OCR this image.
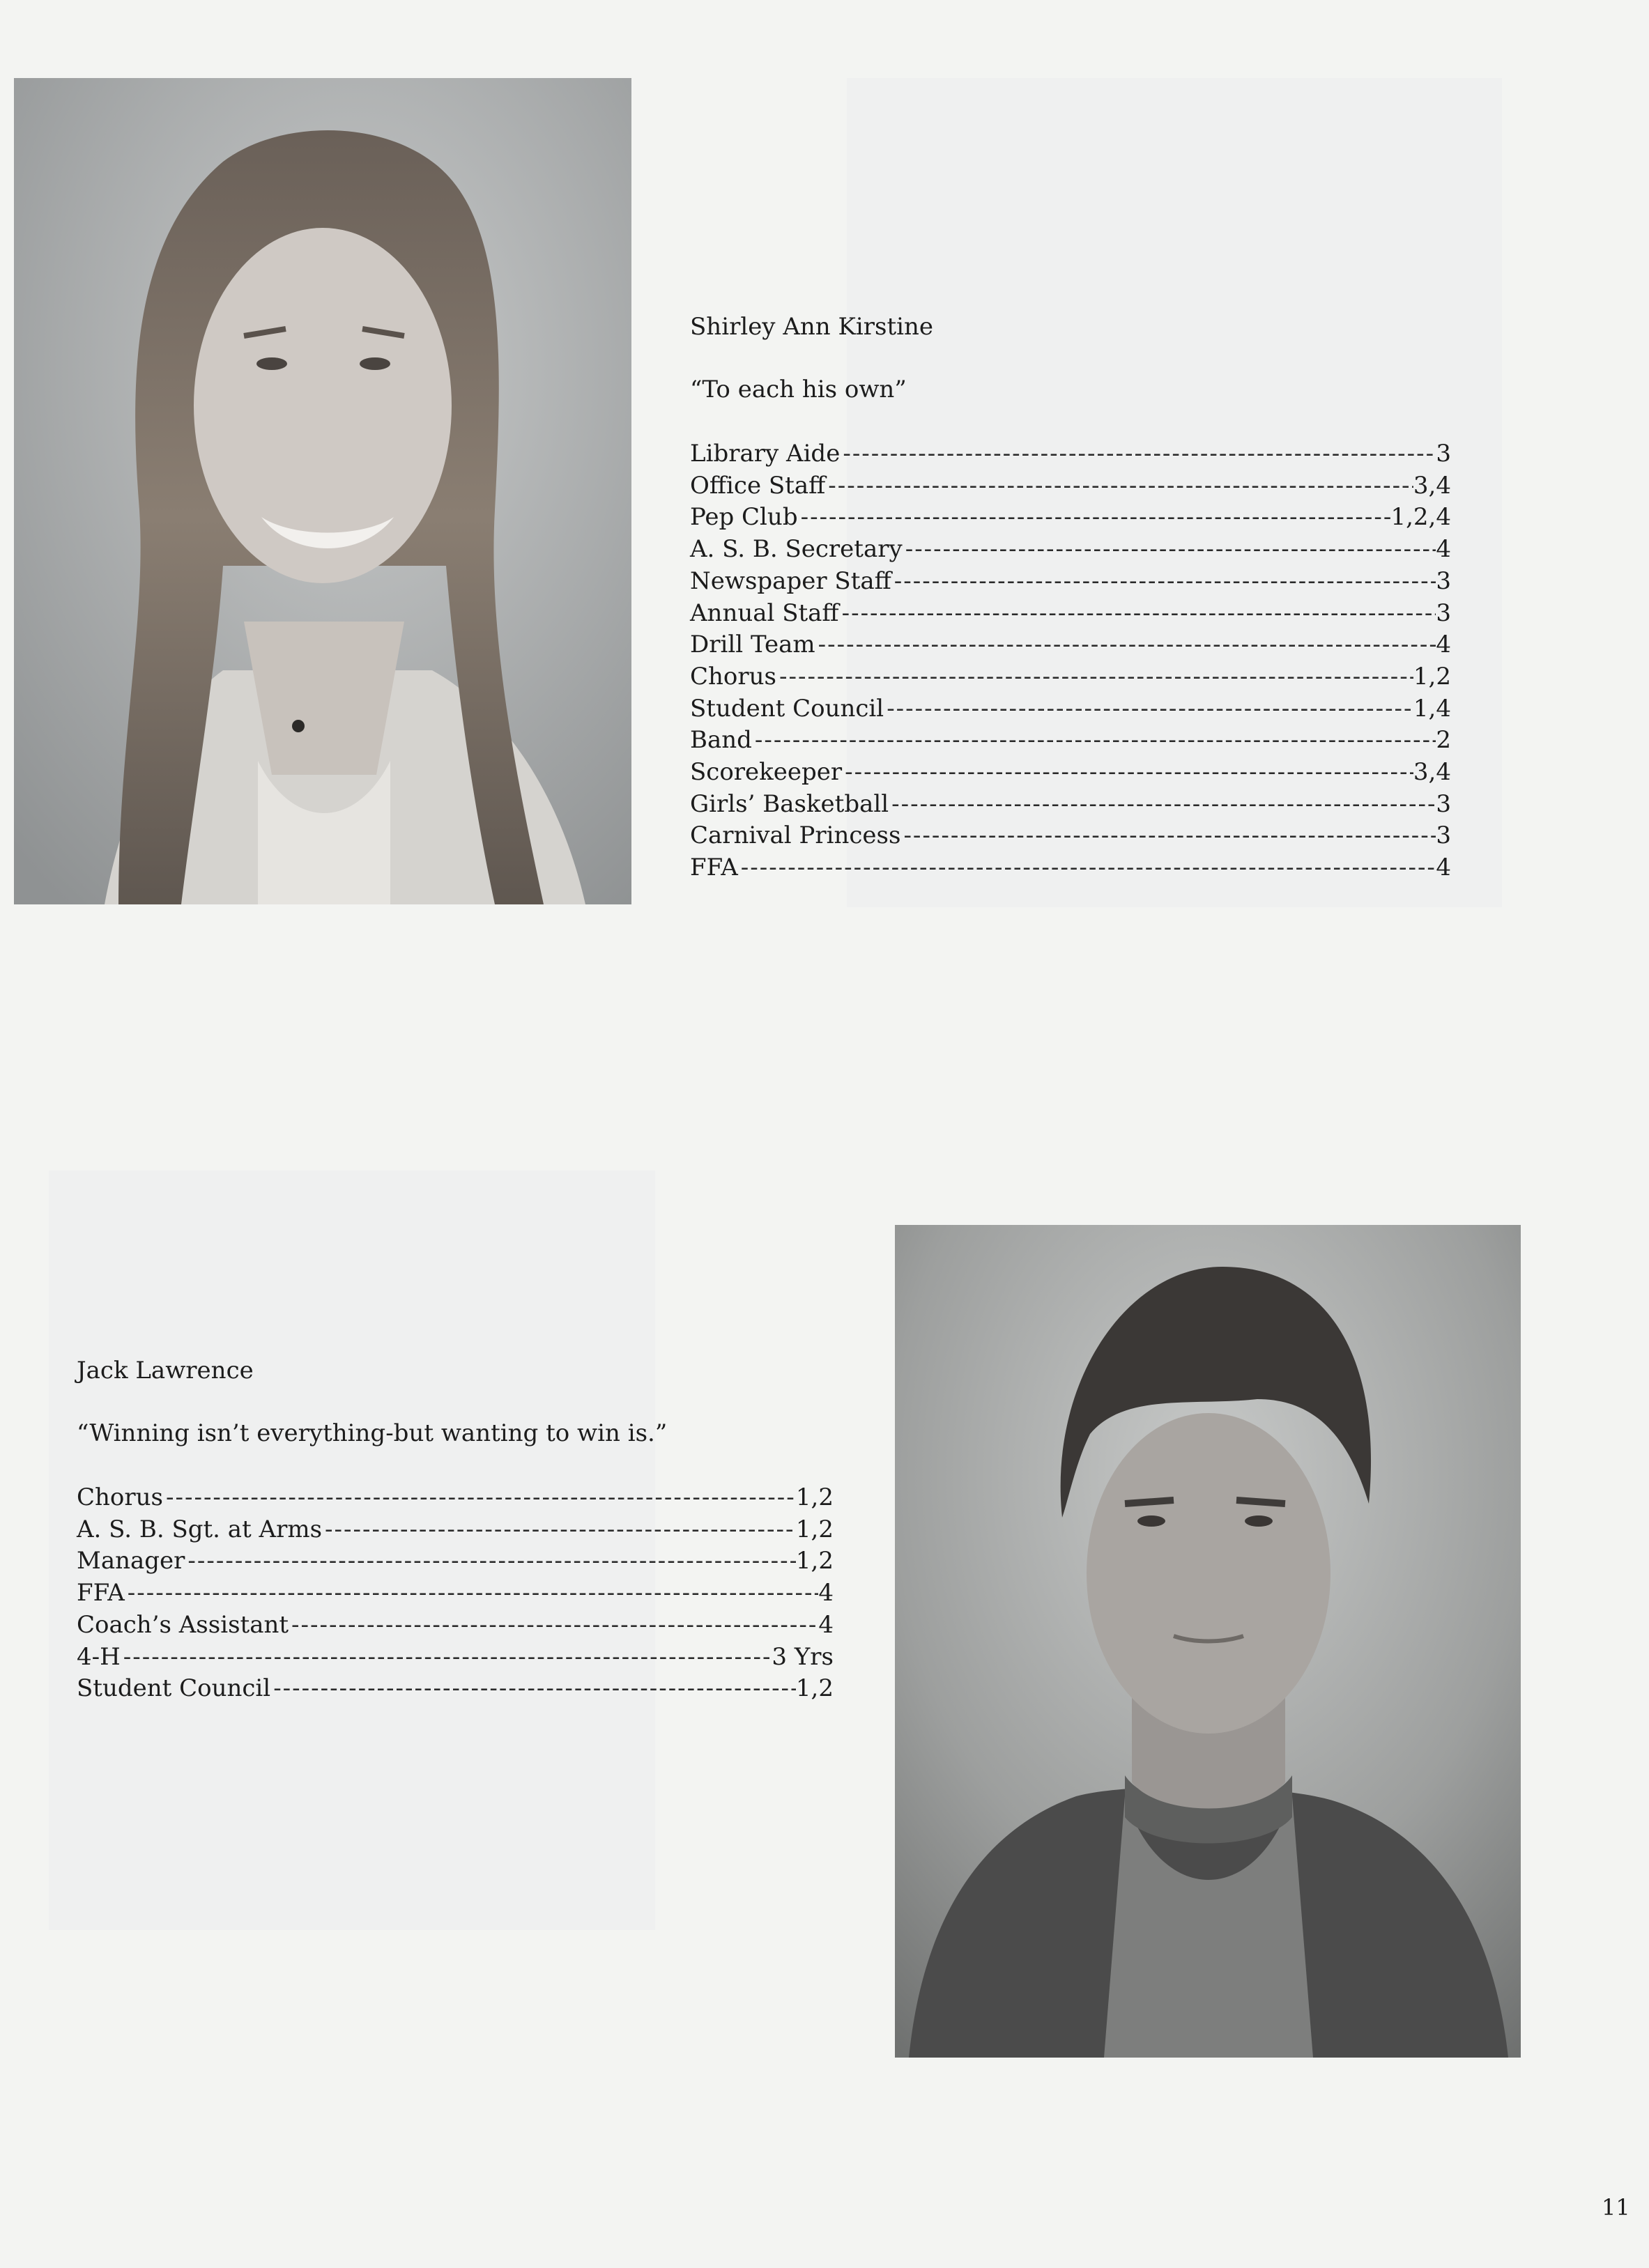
Shirley Ann Kirstine
“To each his own”
Library Aide -----	3
Office Staff -----	3,4
Pep Club -----	1,2,4
A. S. B. Secretary -----	4
Newspaper Staff -----	3
Annual Staff -----	3
Drill Team -----	4
Chorus -----	1,2
Student Council -----	1,4
Band -----	2
Scorekeeper -----	3,4
Girls’ Basketball -----	3
Carnival Princess -----	3
FFA -----	4
Jack Lawrence
“Winning isn’t everything-but wanting to win is.”
Chorus -----	1,2
A. S. B. Sgt. at Arms -----	1,2
Manager -----	1,2
FFA -----	4
Coach’s Assistant -----	4
4-H -----	3 Yrs
Student Council -----	1,2
11
